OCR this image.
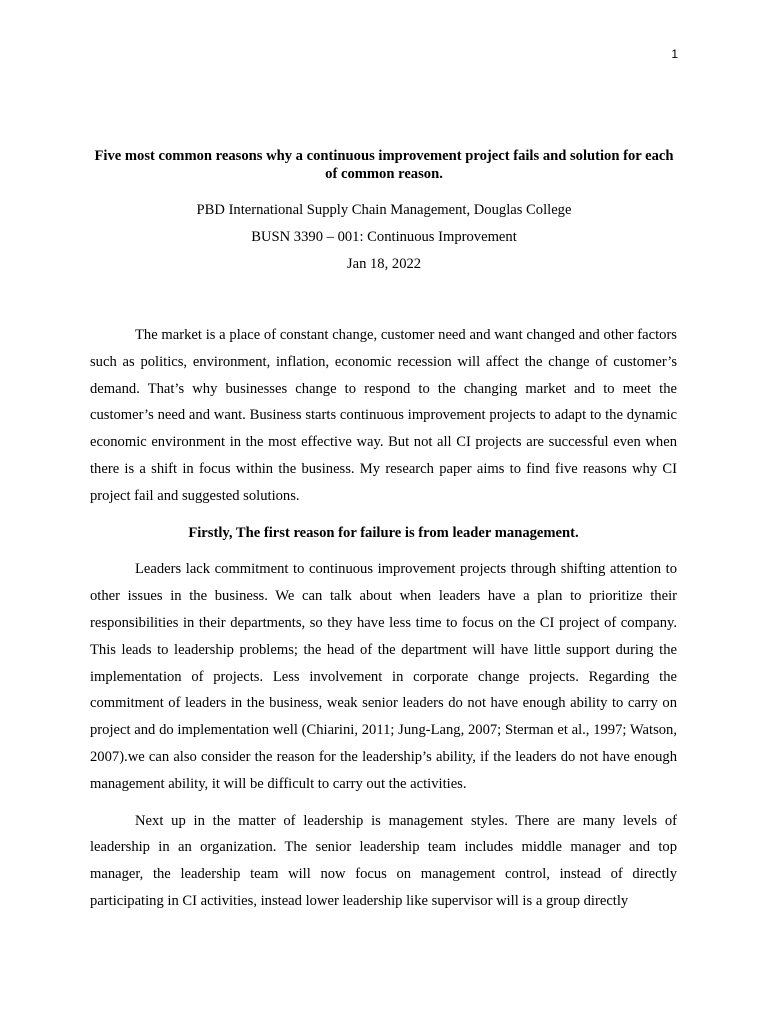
1

Five most common reasons why a continuous improvement project fails and solution for each of common reason.

PBD International Supply Chain Management, Douglas College

BUSN 3390 – 001: Continuous Improvement

Jan 18, 2022

The market is a place of constant change, customer need and want changed and other factors such as politics, environment, inflation, economic recession will affect the change of customer’s demand. That’s why businesses change to respond to the changing market and to meet the customer’s need and want. Business starts continuous improvement projects to adapt to the dynamic economic environment in the most effective way. But not all CI projects are successful even when there is a shift in focus within the business. My research paper aims to find five reasons why CI project fail and suggested solutions.

Firstly, The first reason for failure is from leader management.

Leaders lack commitment to continuous improvement projects through shifting attention to other issues in the business. We can talk about when leaders have a plan to prioritize their responsibilities in their departments, so they have less time to focus on the CI project of company. This leads to leadership problems; the head of the department will have little support during the implementation of projects. Less involvement in corporate change projects. Regarding the commitment of leaders in the business, weak senior leaders do not have enough ability to carry on project and do implementation well (Chiarini, 2011; Jung-Lang, 2007; Sterman et al., 1997; Watson, 2007).we can also consider the reason for the leadership’s ability, if the leaders do not have enough management ability, it will be difficult to carry out the activities.

Next up in the matter of leadership is management styles. There are many levels of leadership in an organization. The senior leadership team includes middle manager and top manager, the leadership team will now focus on management control, instead of directly participating in CI activities, instead lower leadership like supervisor will is a group directly
